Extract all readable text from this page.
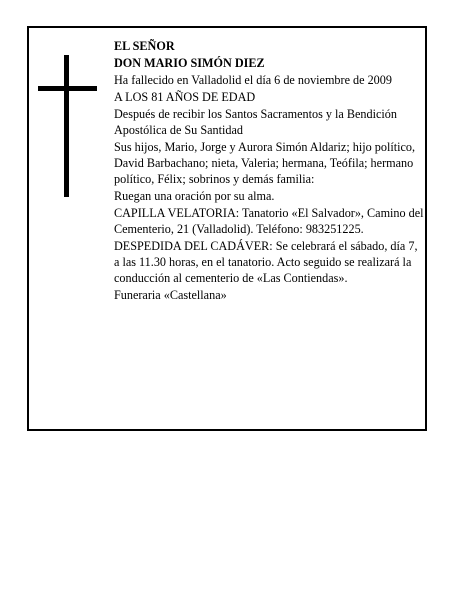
EL SEÑOR

DON MARIO SIMÓN DIEZ

Ha fallecido en Valladolid el día 6 de noviembre de 2009

A LOS 81 AÑOS DE EDAD

Después de recibir los Santos Sacramentos y la Bendición Apostólica de Su Santidad

Sus hijos, Mario, Jorge y Aurora Simón Aldariz; hijo político, David Barbachano; nieta, Valeria; hermana, Teófila; hermano político, Félix; sobrinos y demás familia:

Ruegan una oración por su alma.

CAPILLA VELATORIA: Tanatorio «El Salvador», Camino del Cementerio, 21 (Valladolid). Teléfono: 983251225.

DESPEDIDA DEL CADÁVER: Se celebrará el sábado, día 7, a las 11.30 horas, en el tanatorio. Acto seguido se realizará la conducción al cementerio de «Las Contiendas».

Funeraria «Castellana»
